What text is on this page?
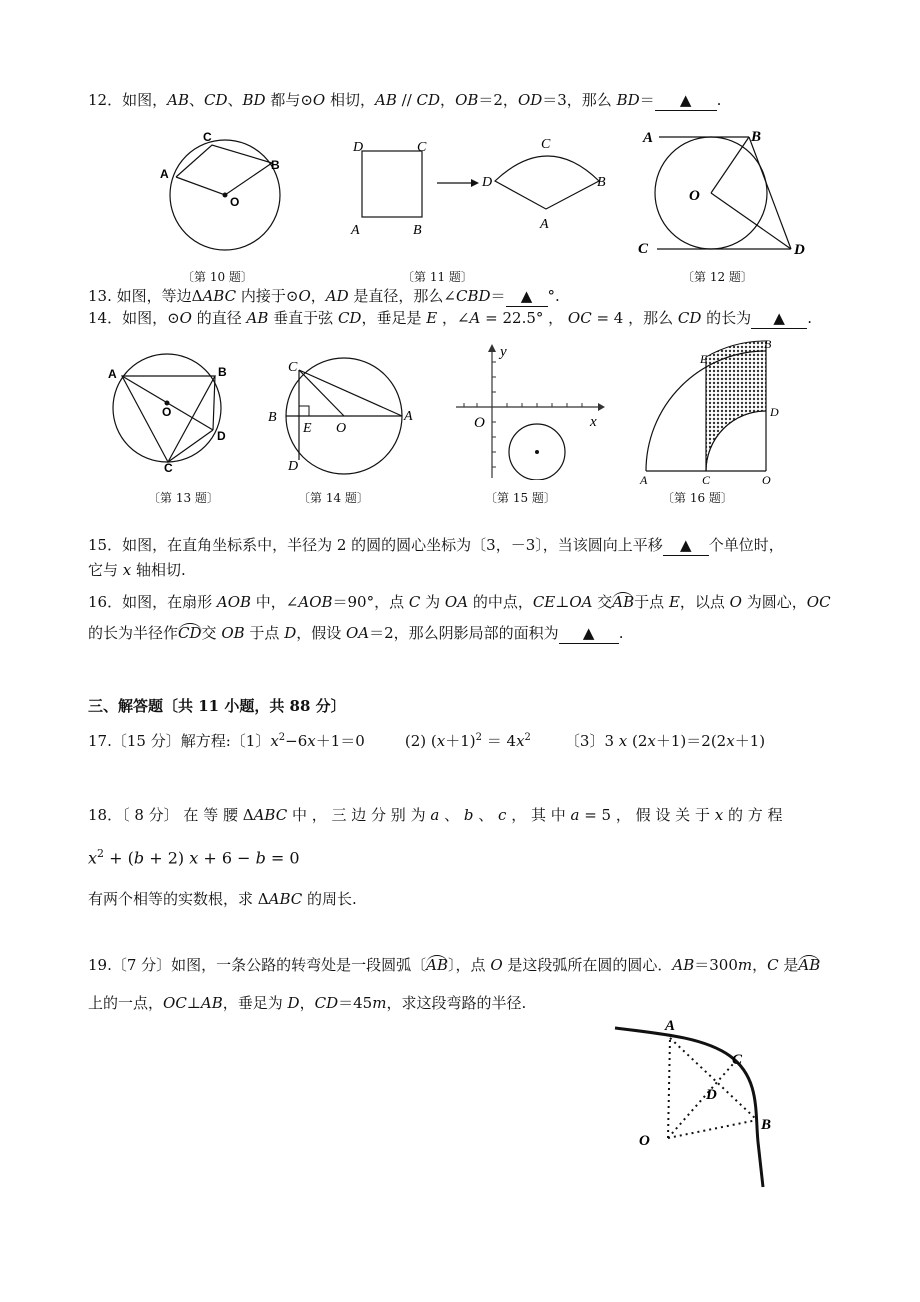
12．如图，AB、CD、BD 都与⊙O 相切，AB // CD，OB＝2，OD＝3，那么 BD＝ ▲ .
C
A
B
O
〔第 10 题〕
D	C
A	B
C
D	B
A
〔第 11 题〕
A	B
O
C	D
〔第 12 题〕
13. 如图，等边ΔABC 内接于⊙O，AD 是直径，那么∠CBD＝ ▲ °.
14．如图，⊙O 的直径 AB 垂直于弦 CD，垂足是 E ，∠A = 22.5° ， OC = 4 ，那么 CD 的长为 ▲ .
A	B
O
D
C
〔第 13 题〕
C
B
E O
A
D
〔第 14 题〕
O	x
y
〔第 15 题〕
E
B
D
A	C	O
〔第 16 题〕
15．如图，在直角坐标系中，半径为 2 的圆的圆心坐标为〔3，－3〕，当该圆向上平移 ▲ 个单位时，
它与 x 轴相切.
16．如图，在扇形 AOB 中，∠AOB＝90°，点 C 为 OA 的中点，CE⊥OA 交AB于点 E，以点 O 为圆心，OC
的长为半径作CD交 OB 于点 D，假设 OA＝2，那么阴影局部的面积为 ▲ .
三、解答题〔共 11 小题，共 88 分〕
17.〔15 分〕解方程:〔1〕$x^2-6x+1=0$	(2) $(x+1)^2 = 4x^2$ 〔3〕3 x (2x＋1)＝2(2x＋1)
18．〔 8 分〕 在 等 腰 ΔABC 中 ， 三 边 分 别 为 a 、 b 、 c ， 其 中 a = 5 ， 假 设 关 于 x 的 方 程
$x^2 + (b + 2) x + 6 - b = 0$
有两个相等的实数根，求 ΔABC 的周长.
19.〔7 分〕如图，一条公路的转弯处是一段圆弧〔AB〕，点 O 是这段弧所在圆的圆心．AB＝300m，C 是AB
上的一点，OC⊥AB，垂足为 D，CD＝45m，求这段弯路的半径.
A
C
D
B
O
